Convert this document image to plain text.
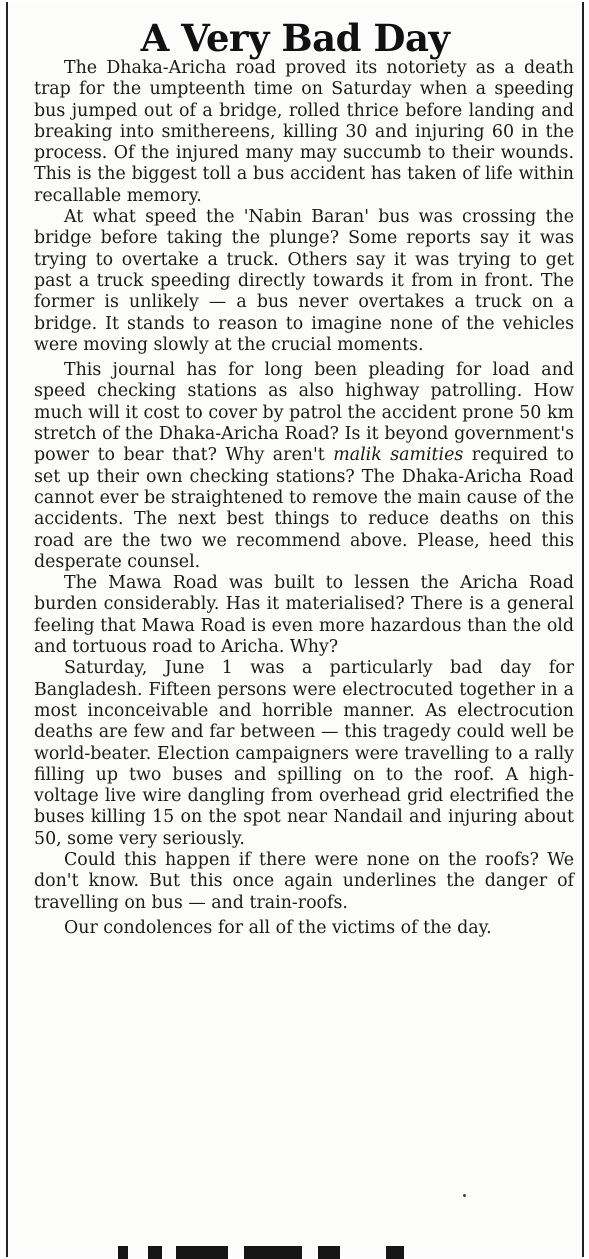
A Very Bad Day

The Dhaka-Aricha road proved its notoriety as a death trap for the umpteenth time on Saturday when a speeding bus jumped out of a bridge, rolled thrice before landing and breaking into smithereens, killing 30 and injuring 60 in the process. Of the injured many may succumb to their wounds. This is the biggest toll a bus accident has taken of life within recallable memory.

At what speed the 'Nabin Baran' bus was crossing the bridge before taking the plunge? Some reports say it was trying to overtake a truck. Others say it was trying to get past a truck speeding directly towards it from in front. The former is unlikely — a bus never overtakes a truck on a bridge. It stands to reason to imagine none of the vehicles were moving slowly at the crucial moments.

This journal has for long been pleading for load and speed checking stations as also highway patrolling. How much will it cost to cover by patrol the accident prone 50 km stretch of the Dhaka-Aricha Road? Is it beyond government's power to bear that? Why aren't malik samities required to set up their own checking stations? The Dhaka-Aricha Road cannot ever be straightened to remove the main cause of the accidents. The next best things to reduce deaths on this road are the two we recommend above. Please, heed this desperate counsel.

The Mawa Road was built to lessen the Aricha Road burden considerably. Has it materialised? There is a general feeling that Mawa Road is even more hazardous than the old and tortuous road to Aricha. Why?

Saturday, June 1 was a particularly bad day for Bangladesh. Fifteen persons were electrocuted together in a most inconceivable and horrible manner. As electrocution deaths are few and far between — this tragedy could well be world-beater. Election campaigners were travelling to a rally filling up two buses and spilling on to the roof. A high-voltage live wire dangling from overhead grid electrified the buses killing 15 on the spot near Nandail and injuring about 50, some very seriously.

Could this happen if there were none on the roofs? We don't know. But this once again underlines the danger of travelling on bus — and train-roofs.

Our condolences for all of the victims of the day.
